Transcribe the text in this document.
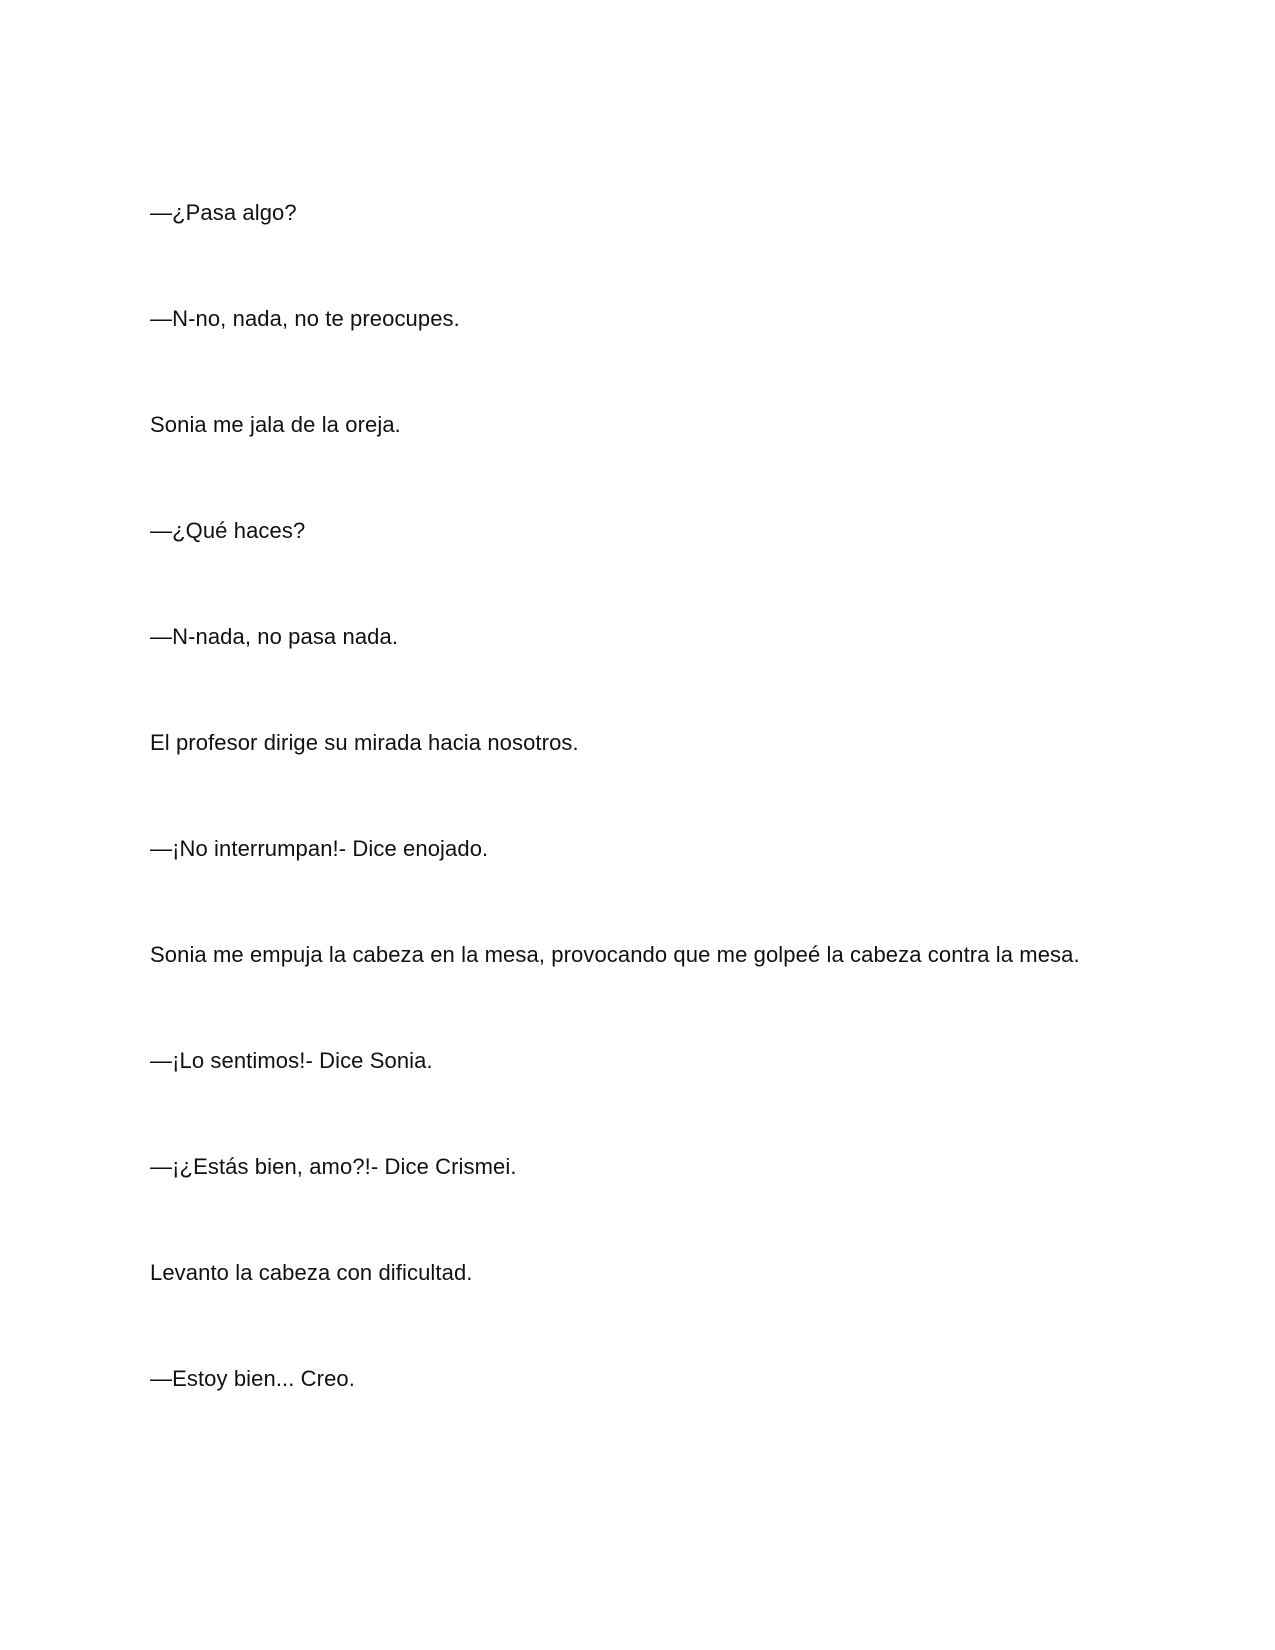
—¿Pasa algo?

—N-no, nada, no te preocupes.

Sonia me jala de la oreja.

—¿Qué haces?

—N-nada, no pasa nada.

El profesor dirige su mirada hacia nosotros.

—¡No interrumpan!- Dice enojado.

Sonia me empuja la cabeza en la mesa, provocando que me golpeé la cabeza contra la mesa.

—¡Lo sentimos!- Dice Sonia.

—¡¿Estás bien, amo?!- Dice Crismei.

Levanto la cabeza con dificultad.

—Estoy bien... Creo.
